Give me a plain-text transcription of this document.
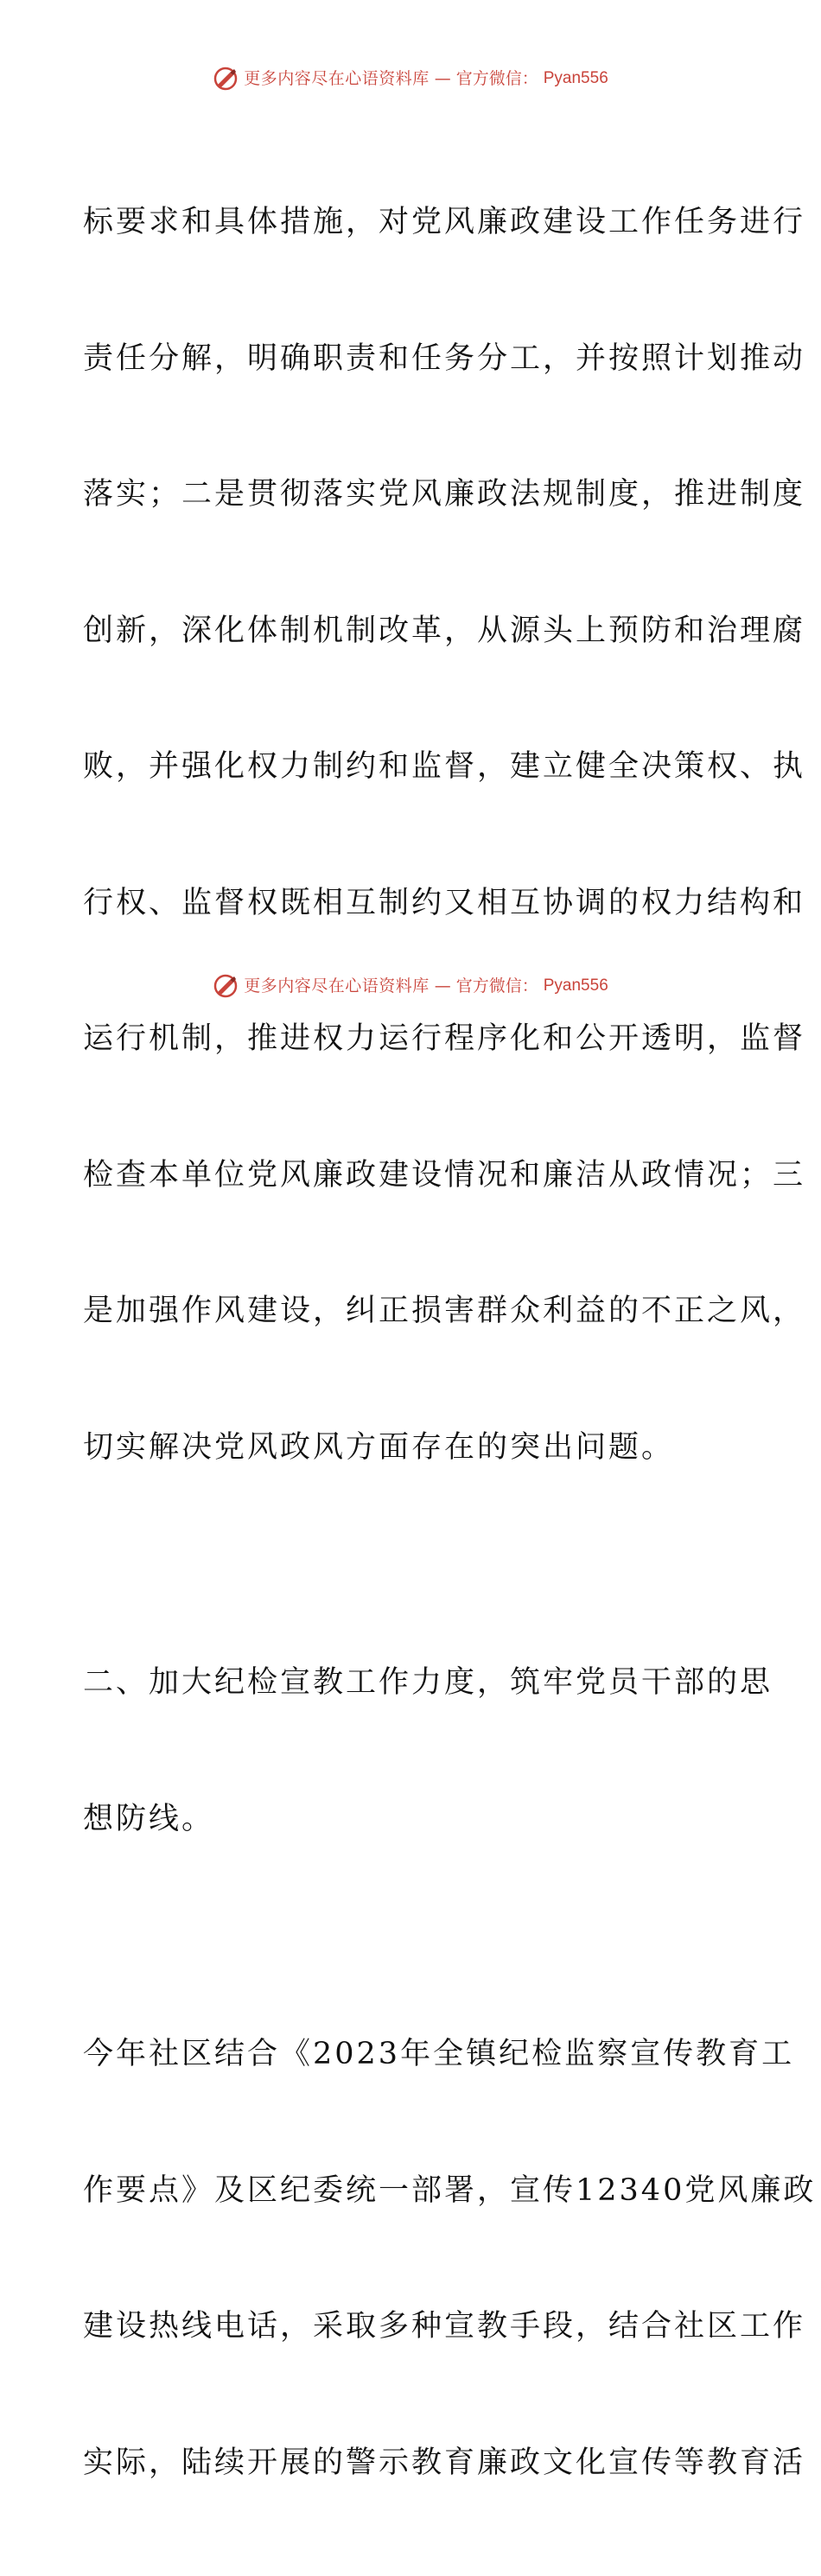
更多内容尽在心语资料库 — 官方微信： Pyan556

标要求和具体措施，对党风廉政建设工作任务进行

责任分解，明确职责和任务分工，并按照计划推动

落实；二是贯彻落实党风廉政法规制度，推进制度

创新，深化体制机制改革，从源头上预防和治理腐

败，并强化权力制约和监督，建立健全决策权、执

行权、监督权既相互制约又相互协调的权力结构和

运行机制，推进权力运行程序化和公开透明，监督

检查本单位党风廉政建设情况和廉洁从政情况；三

是加强作风建设，纠正损害群众利益的不正之风，

切实解决党风政风方面存在的突出问题。

二、加大纪检宣教工作力度，筑牢党员干部的思

想防线。

今年社区结合《2023年全镇纪检监察宣传教育工

作要点》及区纪委统一部署，宣传12340党风廉政

建设热线电话，采取多种宣教手段，结合社区工作

实际，陆续开展的警示教育廉政文化宣传等教育活

更多内容尽在心语资料库 — 官方微信： Pyan556
